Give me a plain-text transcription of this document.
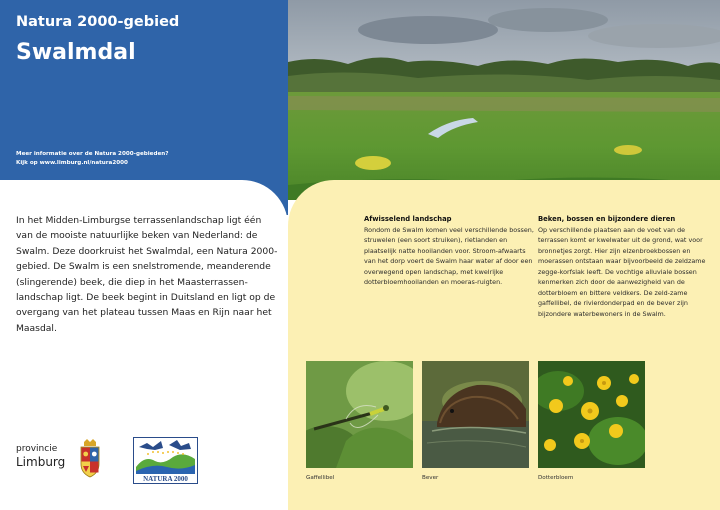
Natura 2000-gebied
Swalmdal
Meer informatie over de Natura 2000-gebieden?
Kijk op www.limburg.nl/natura2000
In het Midden-Limburgse terrassenlandschap ligt één van de mooiste natuurlijke beken van Nederland: de Swalm. Deze doorkruist het Swalmdal, een Natura 2000-gebied. De Swalm is een snelstromende, meanderende (slingerende) beek, die diep in het Maasterrassen-landschap ligt. De beek begint in Duitsland en ligt op de overgang van het plateau tussen Maas en Rijn naar het Maasdal.
provincie
Limburg
NATURA 2000
Afwisselend landschap

Rondom de Swalm komen veel verschillende bossen, struwelen (een soort struiken), rietlanden en plaatselijk natte hooilanden voor. Stroom-afwaarts van het dorp voert de Swalm haar water af door een overwegend open landschap, met kwelrijke dotterbloemhooilanden en moeras-ruigten.

Beken, bossen en bijzondere dieren

Op verschillende plaatsen aan de voet van de terrassen komt er kwelwater uit de grond, wat voor bronnetjes zorgt. Hier zijn elzenbroekbossen en moerassen ontstaan waar bijvoorbeeld de zeldzame zegge-korfslak leeft. De vochtige alluviale bossen kenmerken zich door de aanwezigheid van de dotterbloem en bittere veldkers. De zeld-zame gaffellibel, de rivierdonderpad en de bever zijn bijzondere waterbewoners in de Swalm.

Gaffellibel	Bever	Dotterbloem
